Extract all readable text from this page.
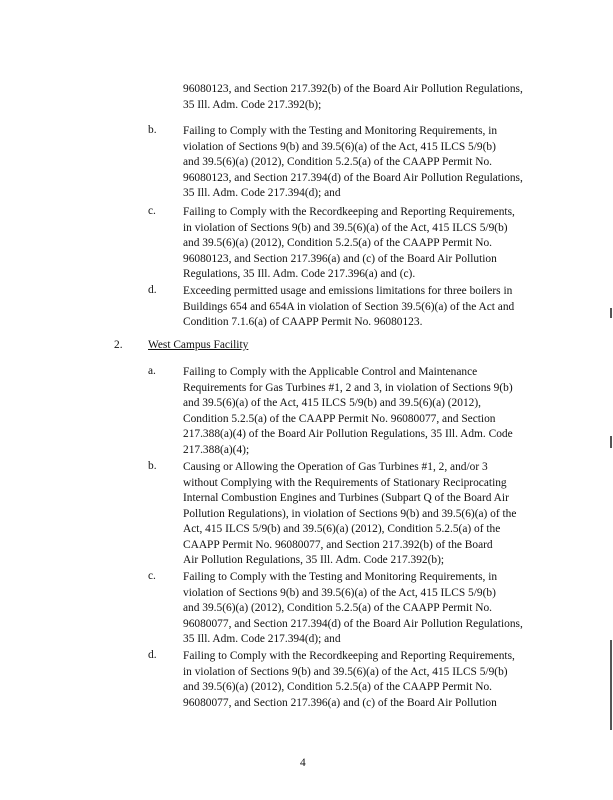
96080123, and Section 217.392(b) of the Board Air Pollution Regulations,
35 Ill. Adm. Code 217.392(b);
b. Failing to Comply with the Testing and Monitoring Requirements, in
violation of Sections 9(b) and 39.5(6)(a) of the Act, 415 ILCS 5/9(b)
and 39.5(6)(a) (2012), Condition 5.2.5(a) of the CAAPP Permit No.
96080123, and Section 217.394(d) of the Board Air Pollution Regulations,
35 Ill. Adm. Code 217.394(d); and
c. Failing to Comply with the Recordkeeping and Reporting Requirements,
in violation of Sections 9(b) and 39.5(6)(a) of the Act, 415 ILCS 5/9(b)
and 39.5(6)(a) (2012), Condition 5.2.5(a) of the CAAPP Permit No.
96080123, and Section 217.396(a) and (c) of the Board Air Pollution
Regulations, 35 Ill. Adm. Code 217.396(a) and (c).
d. Exceeding permitted usage and emissions limitations for three boilers in
Buildings 654 and 654A in violation of Section 39.5(6)(a) of the Act and
Condition 7.1.6(a) of CAAPP Permit No. 96080123.
2. West Campus Facility
a. Failing to Comply with the Applicable Control and Maintenance
Requirements for Gas Turbines #1, 2 and 3, in violation of Sections 9(b)
and 39.5(6)(a) of the Act, 415 ILCS 5/9(b) and 39.5(6)(a) (2012),
Condition 5.2.5(a) of the CAAPP Permit No. 96080077, and Section
217.388(a)(4) of the Board Air Pollution Regulations, 35 Ill. Adm. Code
217.388(a)(4);
b. Causing or Allowing the Operation of Gas Turbines #1, 2, and/or 3
without Complying with the Requirements of Stationary Reciprocating
Internal Combustion Engines and Turbines (Subpart Q of the Board Air
Pollution Regulations), in violation of Sections 9(b) and 39.5(6)(a) of the
Act, 415 ILCS 5/9(b) and 39.5(6)(a) (2012), Condition 5.2.5(a) of the
CAAPP Permit No. 96080077, and Section 217.392(b) of the Board
Air Pollution Regulations, 35 Ill. Adm. Code 217.392(b);
c. Failing to Comply with the Testing and Monitoring Requirements, in
violation of Sections 9(b) and 39.5(6)(a) of the Act, 415 ILCS 5/9(b)
and 39.5(6)(a) (2012), Condition 5.2.5(a) of the CAAPP Permit No.
96080077, and Section 217.394(d) of the Board Air Pollution Regulations,
35 Ill. Adm. Code 217.394(d); and
d. Failing to Comply with the Recordkeeping and Reporting Requirements,
in violation of Sections 9(b) and 39.5(6)(a) of the Act, 415 ILCS 5/9(b)
and 39.5(6)(a) (2012), Condition 5.2.5(a) of the CAAPP Permit No.
96080077, and Section 217.396(a) and (c) of the Board Air Pollution
4
